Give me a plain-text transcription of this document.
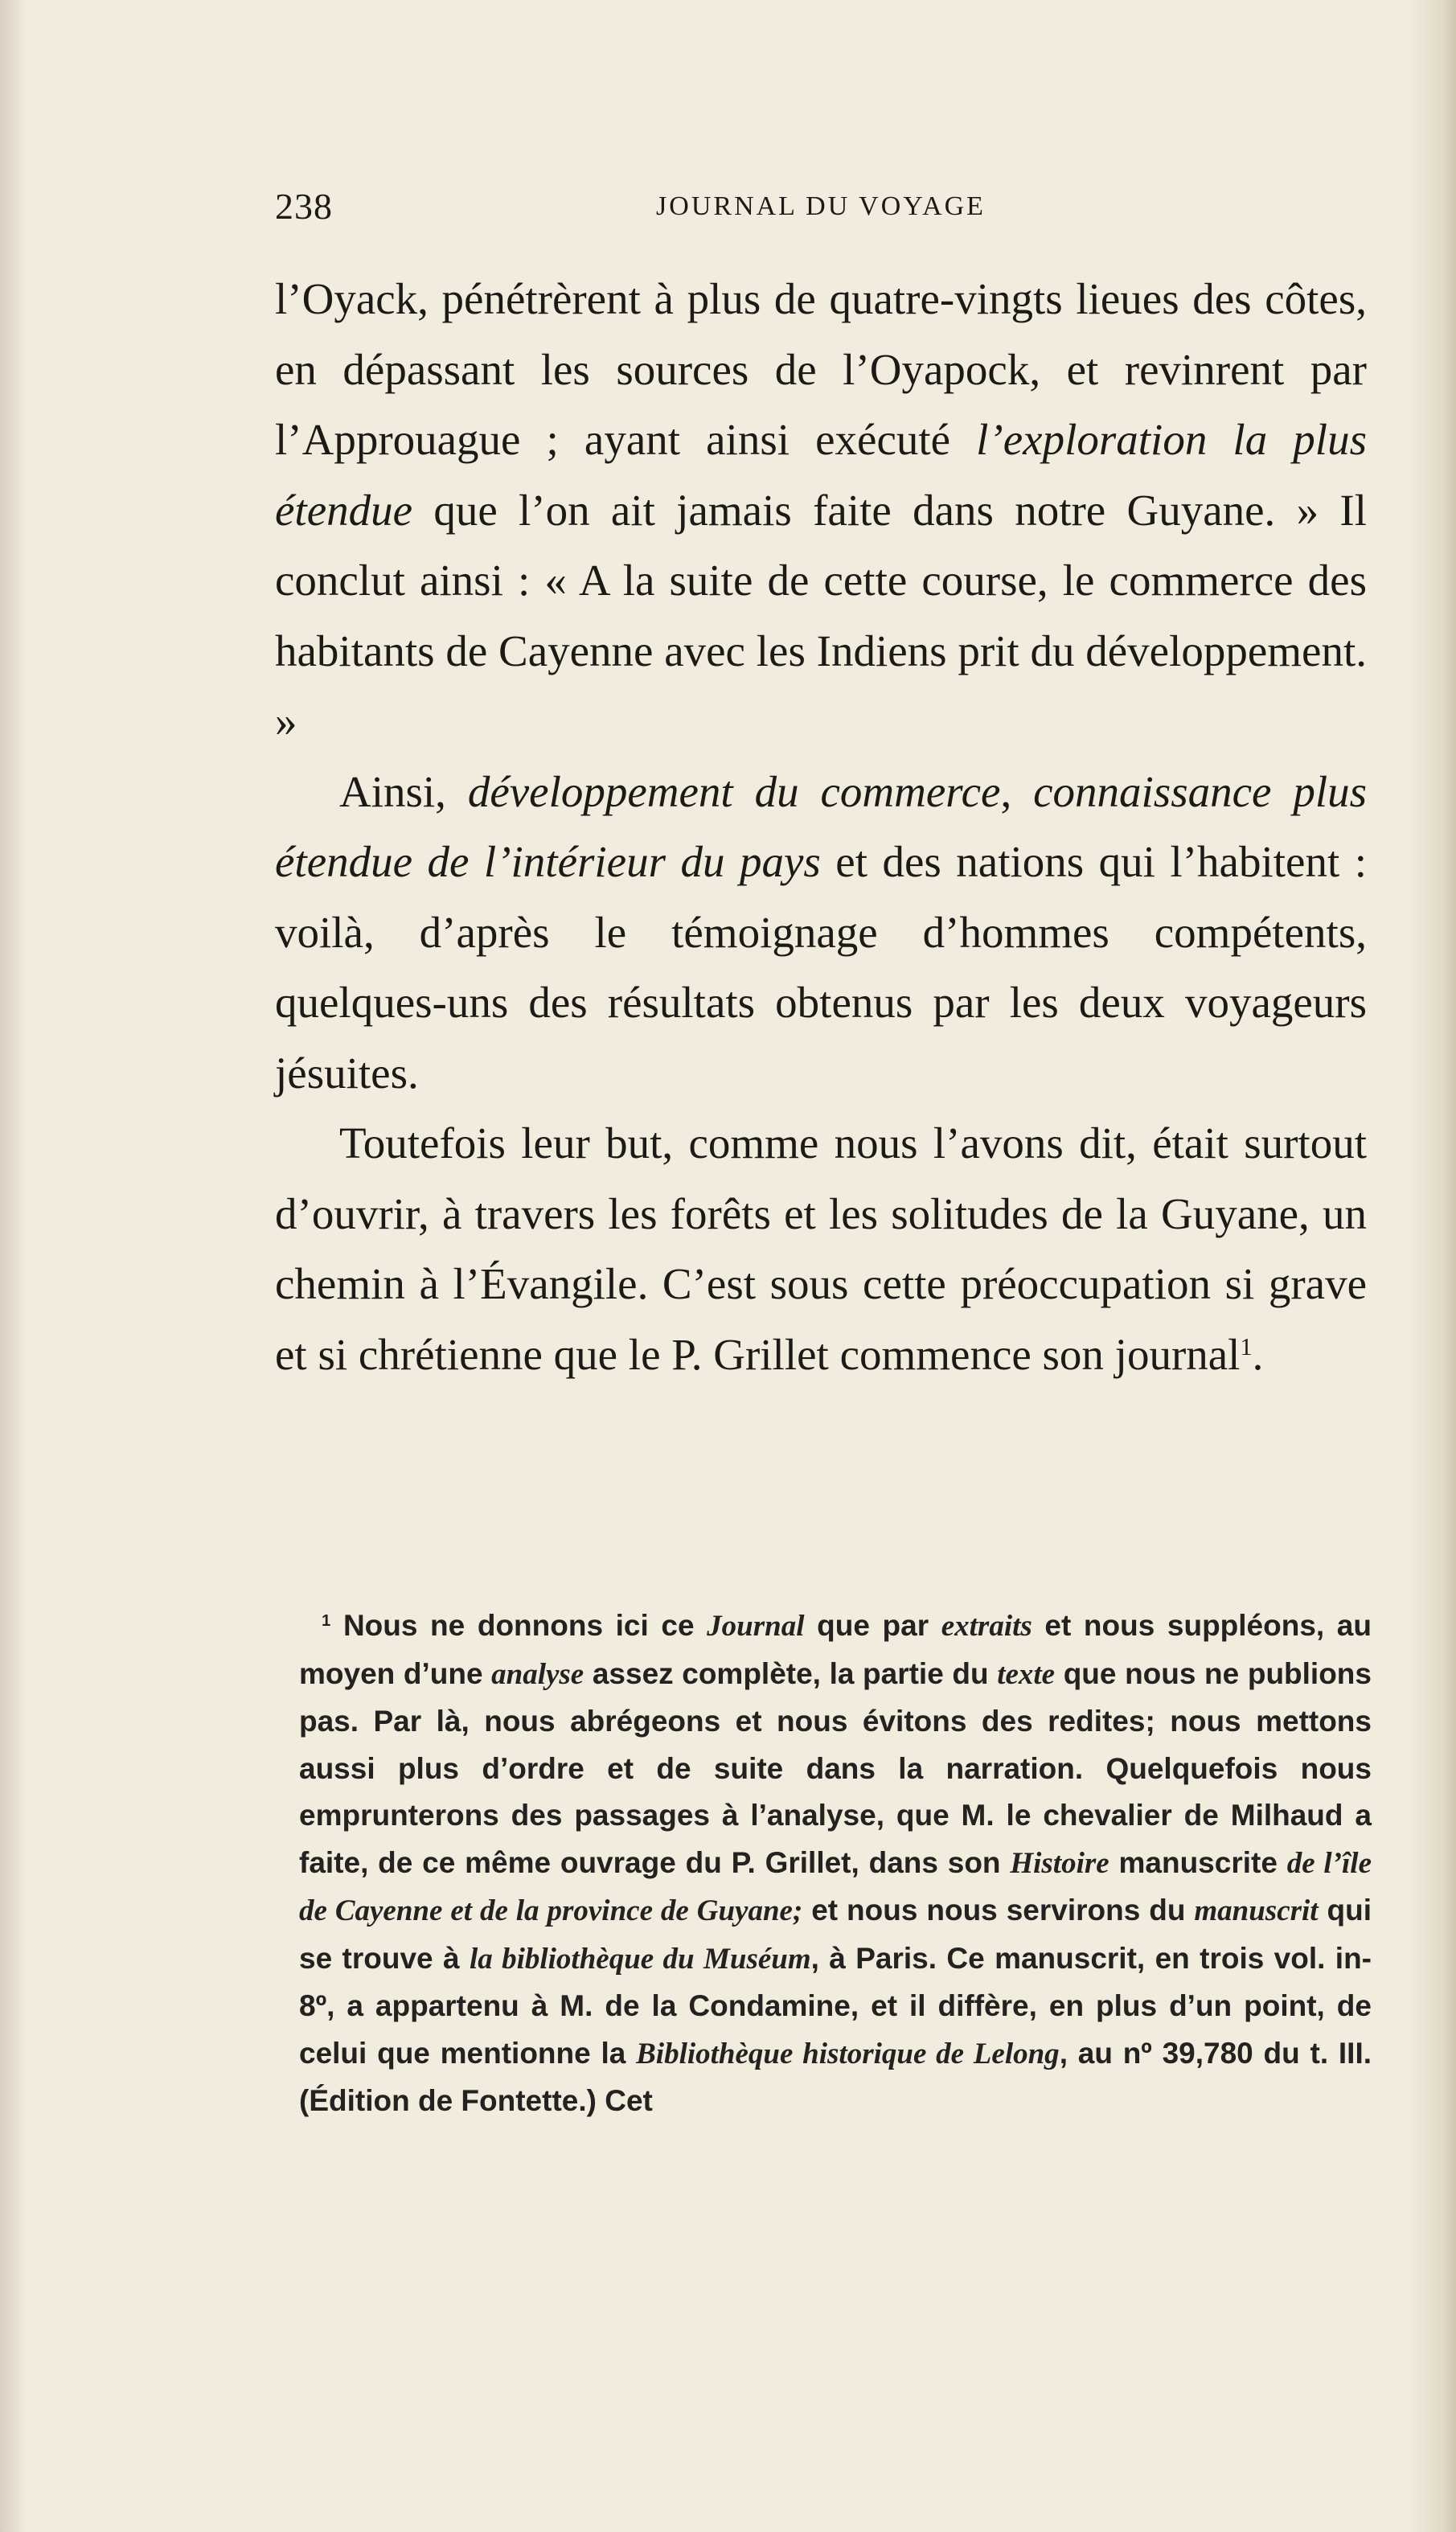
238	JOURNAL DU VOYAGE

l’Oyack, pénétrèrent à plus de quatre-vingts lieues des côtes, en dépassant les sources de l’Oyapock, et revinrent par l’Approuague ; ayant ainsi exécuté l’exploration la plus étendue que l’on ait jamais faite dans notre Guyane. » Il conclut ainsi : « A la suite de cette course, le commerce des habitants de Cayenne avec les Indiens prit du développement. »

Ainsi, développement du commerce, connaissance plus étendue de l’intérieur du pays et des nations qui l’habitent : voilà, d’après le témoignage d’hommes compétents, quelques-uns des résultats obtenus par les deux voyageurs jésuites.

Toutefois leur but, comme nous l’avons dit, était surtout d’ouvrir, à travers les forêts et les solitudes de la Guyane, un chemin à l’Évangile. C’est sous cette préoccupation si grave et si chrétienne que le P. Grillet commence son journal$^1$.

$^1$ Nous ne donnons ici ce Journal que par extraits et nous suppléons, au moyen d’une analyse assez complète, la partie du texte que nous ne publions pas. Par là, nous abrégeons et nous évitons des redites; nous mettons aussi plus d’ordre et de suite dans la narration. Quelquefois nous emprunterons des passages à l’analyse, que M. le chevalier de Milhaud a faite, de ce même ouvrage du P. Grillet, dans son Histoire manuscrite de l’île de Cayenne et de la province de Guyane; et nous nous servirons du manuscrit qui se trouve à la bibliothèque du Muséum, à Paris. Ce manuscrit, en trois vol. in-8º, a appartenu à M. de la Condamine, et il diffère, en plus d’un point, de celui que mentionne la Bibliothèque historique de Lelong, au nº 39,780 du t. III. (Édition de Fontette.) Cet
